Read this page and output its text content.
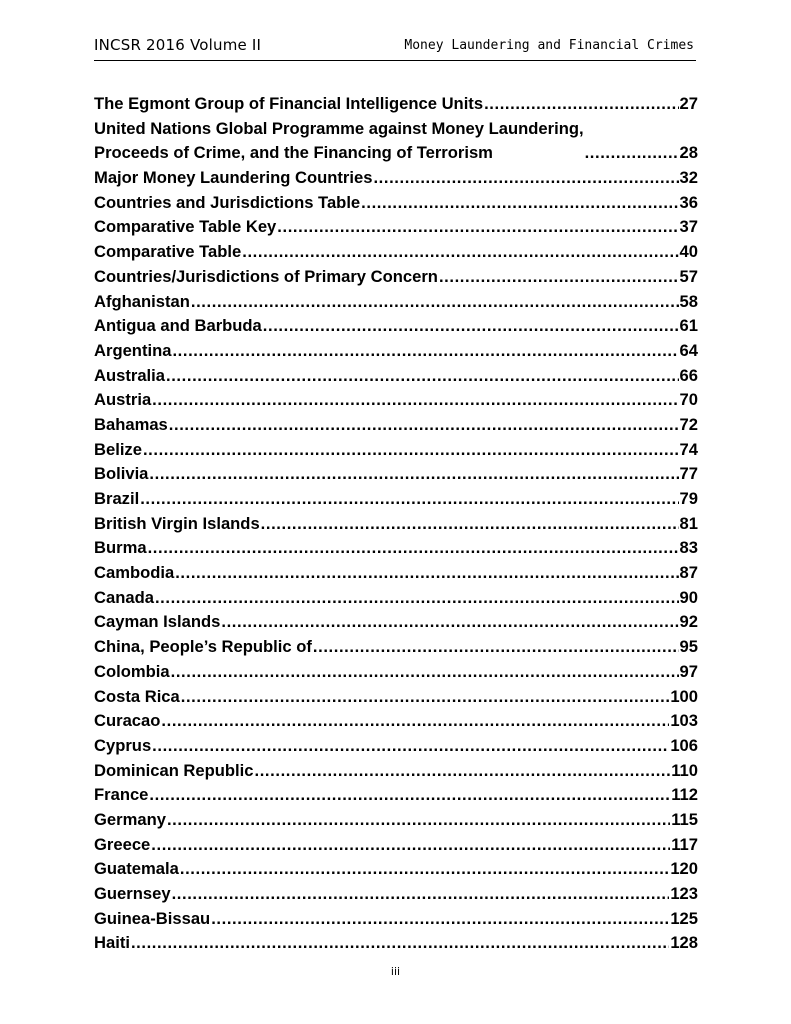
INCSR 2016 Volume II	Money Laundering and Financial Crimes
The Egmont Group of Financial Intelligence Units .....	27
United Nations Global Programme against Money Laundering,
Proceeds of Crime, and the Financing of Terrorism .....	28
Major Money Laundering Countries .....	32
Countries and Jurisdictions Table .....	36
Comparative Table Key .....	37
Comparative Table .....	40
Countries/Jurisdictions of Primary Concern .....	57
Afghanistan .....	58
Antigua and Barbuda .....	61
Argentina .....	64
Australia .....	66
Austria .....	70
Bahamas .....	72
Belize .....	74
Bolivia .....	77
Brazil .....	79
British Virgin Islands .....	81
Burma .....	83
Cambodia .....	87
Canada .....	90
Cayman Islands .....	92
China, People’s Republic of .....	95
Colombia .....	97
Costa Rica .....	100
Curacao .....	103
Cyprus .....	106
Dominican Republic .....	110
France .....	112
Germany .....	115
Greece .....	117
Guatemala .....	120
Guernsey .....	123
Guinea-Bissau .....	125
Haiti .....	128
iii
